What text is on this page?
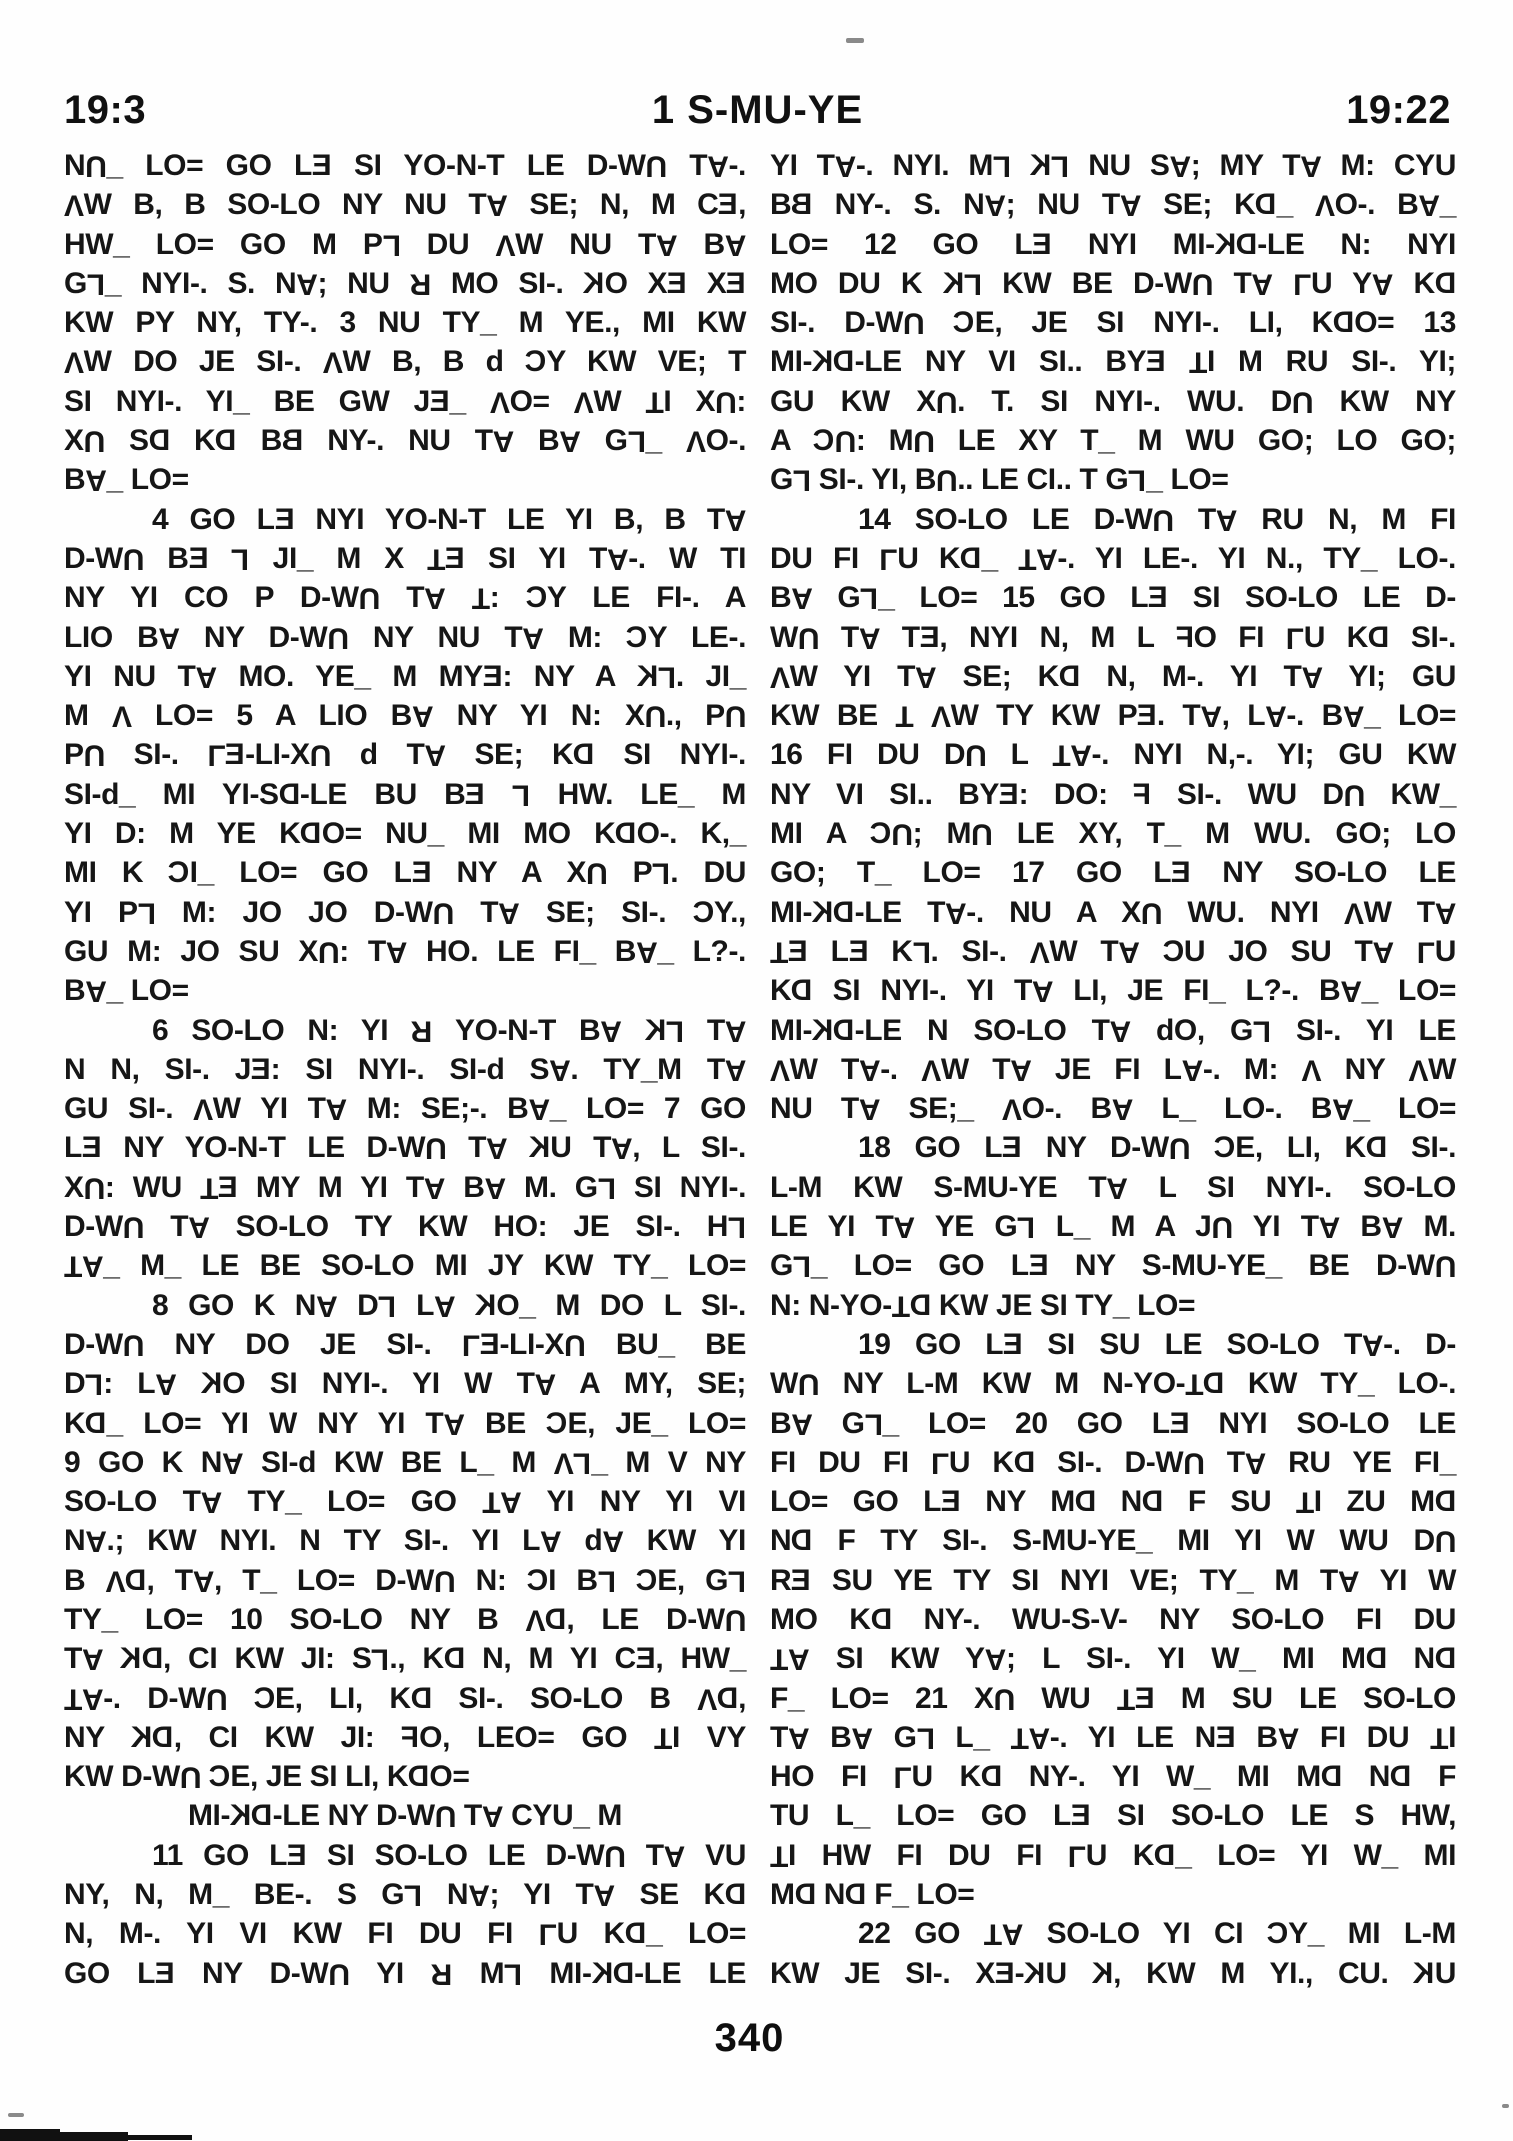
19:3	1 S-MU-YE	19:22
NU_ LO= GO LE SI YO-N-T LE D-WU TA-.
VW B, B SO-LO NY NU TA SE; N, M CE,
HW_ LO= GO M PL DU VW NU TA BA
GL_ NYI-. S. NA; NU R MO SI-. KO XE XE
KW PY NY, TY-. 3 NU TY_ M YE., MI KW
VW DO JE SI-. VW B, B d CY KW VE; T
SI NYI-. YI_ BE GW JE_ VO= VW TI XU:
XU SD KD BB NY-. NU TA BA GL_ VO-.
BA_ LO=
4 GO LE NYI YO-N-T LE YI B, B TA
D-WU BE L JI_ M X TE SI YI TA-. W TI
NY YI CO P D-WU TA T: CY LE FI-. A
LIO BA NY D-WU NY NU TA M: CY LE-.
YI NU TA MO. YE_ M MYE: NY A KL. JI_
M V LO= 5 A LIO BA NY YI N: XU., PU
PU SI-. LE-LI-XU d TA SE; KD SI NYI-.
SI-d_ MI YI-SD-LE BU BE L HW. LE_ M
YI D: M YE KDO= NU_ MI MO KDO-. K,_
MI K CI_ LO= GO LE NY A XU PL. DU
YI PL M: JO JO D-WU TA SE; SI-. CY.,
GU M: JO SU XU: TA HO. LE FI_ BA_ L?-.
BA_ LO=
6 SO-LO N: YI R YO-N-T BA KL TA
N N, SI-. JE: SI NYI-. SI-d SA. TY_M TA
GU SI-. VW YI TA M: SE;-. BA_ LO= 7 GO
LE NY YO-N-T LE D-WU TA KU TA, L SI-.
XU: WU TE MY M YI TA BA M. GL SI NYI-.
D-WU TA SO-LO TY KW HO: JE SI-. HL
TA_ M_ LE BE SO-LO MI JY KW TY_ LO=
8 GO K NA DL LA KO_ M DO L SI-.
D-WU NY DO JE SI-. LE-LI-XU BU_ BE
DL: LA KO SI NYI-. YI W TA A MY, SE;
KD_ LO= YI W NY YI TA BE CE, JE_ LO=
9 GO K NA SI-d KW BE L_ M VL_ M V NY
SO-LO TA TY_ LO= GO TA YI NY YI VI
NA.; KW NYI. N TY SI-. YI LA dA KW YI
B VD, TA, T_ LO= D-WU N: CI BL CE, GL
TY_ LO= 10 SO-LO NY B VD, LE D-WU
TA KD, CI KW JI: SL., KD N, M YI CE, HW_
TA-. D-WU CE, LI, KD SI-. SO-LO B VD,
NY KD, CI KW JI: FO, LEO= GO TI VY
KW D-WU CE, JE SI LI, KDO=
MI-KD-LE NY D-WU TA CYU_ M
11 GO LE SI SO-LO LE D-WU TA VU
NY, N, M_ BE-. S GL NA; YI TA SE KD
N, M-. YI VI KW FI DU FI LU KD_ LO=
GO LE NY D-WU YI R ML MI-KD-LE LE
YI TA-. NYI. ML KL NU SA; MY TA M: CYU
BB NY-. S. NA; NU TA SE; KD_ VO-. BA_
LO= 12 GO LE NYI MI-KD-LE N: NYI
MO DU K KL KW BE D-WU TA LU YA KD
SI-. D-WU CE, JE SI NYI-. LI, KDO= 13
MI-KD-LE NY VI SI.. BYE TI M RU SI-. YI;
GU KW XU. T. SI NYI-. WU. DU KW NY
A CU: MU LE XY T_ M WU GO; LO GO;
GL SI-. YI, BU.. LE CI.. T GL_ LO=
14 SO-LO LE D-WU TA RU N, M FI
DU FI LU KD_ TA-. YI LE-. YI N., TY_ LO-.
BA GL_ LO= 15 GO LE SI SO-LO LE D-
WU TA TE, NYI N, M L FO FI LU KD SI-.
VW YI TA SE; KD N, M-. YI TA YI; GU
KW BE T VW TY KW PE. TA, LA-. BA_ LO=
16 FI DU DU L TA-. NYI N,-. YI; GU KW
NY VI SI.. BYE: DO: F SI-. WU DU KW_
MI A CU; MU LE XY, T_ M WU. GO; LO
GO; T_ LO= 17 GO LE NY SO-LO LE
MI-KD-LE TA-. NU A XU WU. NYI VW TA
TE LE KL. SI-. VW TA CU JO SU TA LU
KD SI NYI-. YI TA LI, JE FI_ L?-. BA_ LO=
MI-KD-LE N SO-LO TA dO, GL SI-. YI LE
VW TA-. VW TA JE FI LA-. M: V NY VW
NU TA SE;_ VO-. BA L_ LO-. BA_ LO=
18 GO LE NY D-WU CE, LI, KD SI-.
L-M KW S-MU-YE TA L SI NYI-. SO-LO
LE YI TA YE GL L_ M A JU YI TA BA M.
GL_ LO= GO LE NY S-MU-YE_ BE D-WU
N: N-YO-TD KW JE SI TY_ LO=
19 GO LE SI SU LE SO-LO TA-. D-
WU NY L-M KW M N-YO-TD KW TY_ LO-.
BA GL_ LO= 20 GO LE NYI SO-LO LE
FI DU FI LU KD SI-. D-WU TA RU YE FI_
LO= GO LE NY MD ND F SU TI ZU MD
ND F TY SI-. S-MU-YE_ MI YI W WU DU
RE SU YE TY SI NYI VE; TY_ M TA YI W
MO KD NY-. WU-S-V- NY SO-LO FI DU
TA SI KW YA; L SI-. YI W_ MI MD ND
F_ LO= 21 XU WU TE M SU LE SO-LO
TA BA GL L_ TA-. YI LE NE BA FI DU TI
HO FI LU KD NY-. YI W_ MI MD ND F
TU L_ LO= GO LE SI SO-LO LE S HW,
TI HW FI DU FI LU KD_ LO= YI W_ MI
MD ND F_ LO=
22 GO TA SO-LO YI CI CY_ MI L-M
KW JE SI-. XE-KU K, KW M YI., CU. KU
340
